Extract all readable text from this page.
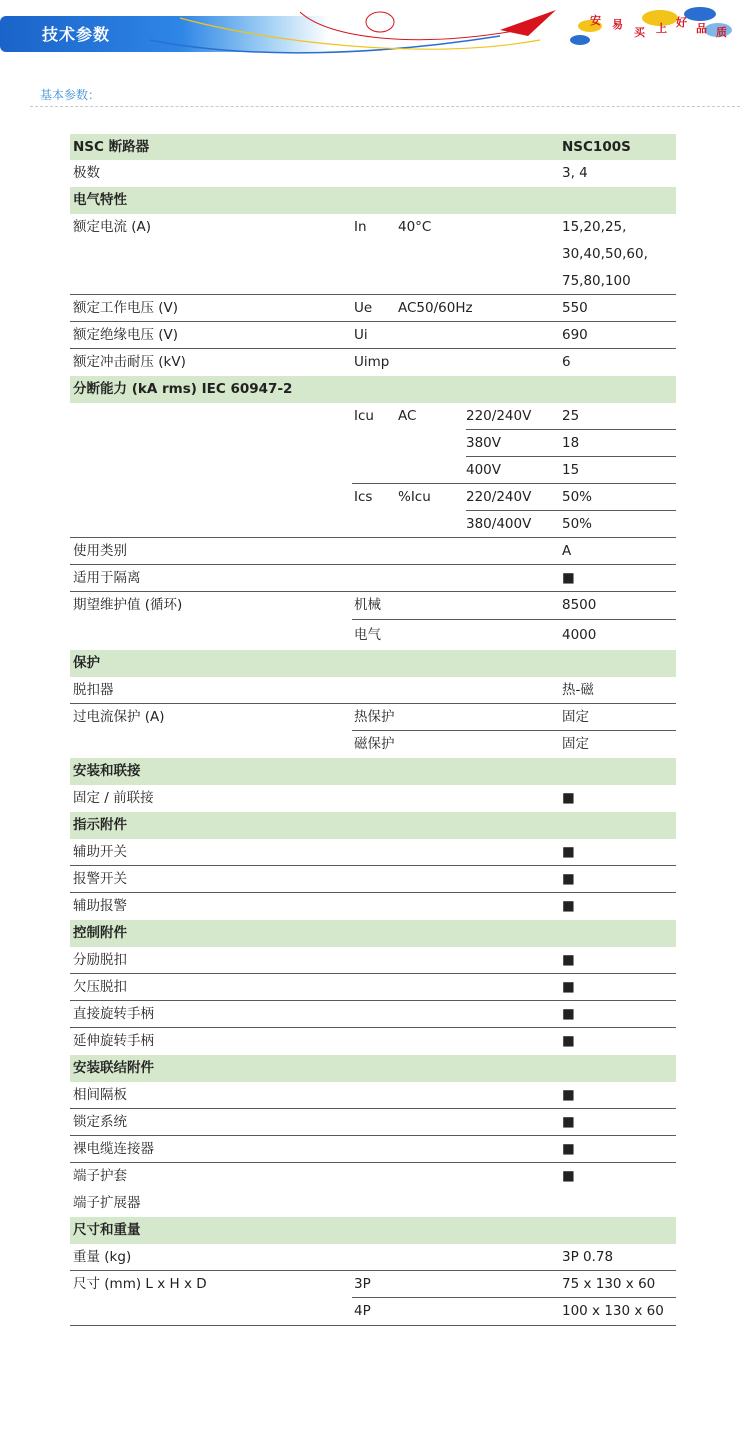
技术参数
安 易
买 上 好 品 质
基本参数：
NSC 断路器	NSC100S
极数	3, 4
电气特性
额定电流 (A)	In 40°C	15,20,25,
30,40,50,60,
75,80,100
额定工作电压 (V)	Ue AC50/60Hz	550
额定绝缘电压 (V)	Ui	690
额定冲击耐压 (kV)	Uimp	6
分断能力 (kA rms) IEC 60947-2
Icu AC	220/240V 25
380V	18
400V	15
Ics %Icu	220/240V 50%
380/400V 50%
使用类别	A
适用于隔离	■
期望维护值 (循环)	机械	8500
电气	4000
保护
脱扣器	热-磁
过电流保护 (A)	热保护	固定
磁保护	固定
安装和联接
固定 / 前联接	■
指示附件
辅助开关	■
报警开关	■
辅助报警	■
控制附件
分励脱扣	■
欠压脱扣	■
直接旋转手柄	■
延伸旋转手柄	■
安装联结附件
相间隔板	■
锁定系统	■
裸电缆连接器	■
端子护套	■
端子扩展器
尺寸和重量
重量 (kg)	3P 0.78
尺寸 (mm) L x H x D	3P	75 x 130 x 60
4P	100 x 130 x 60
